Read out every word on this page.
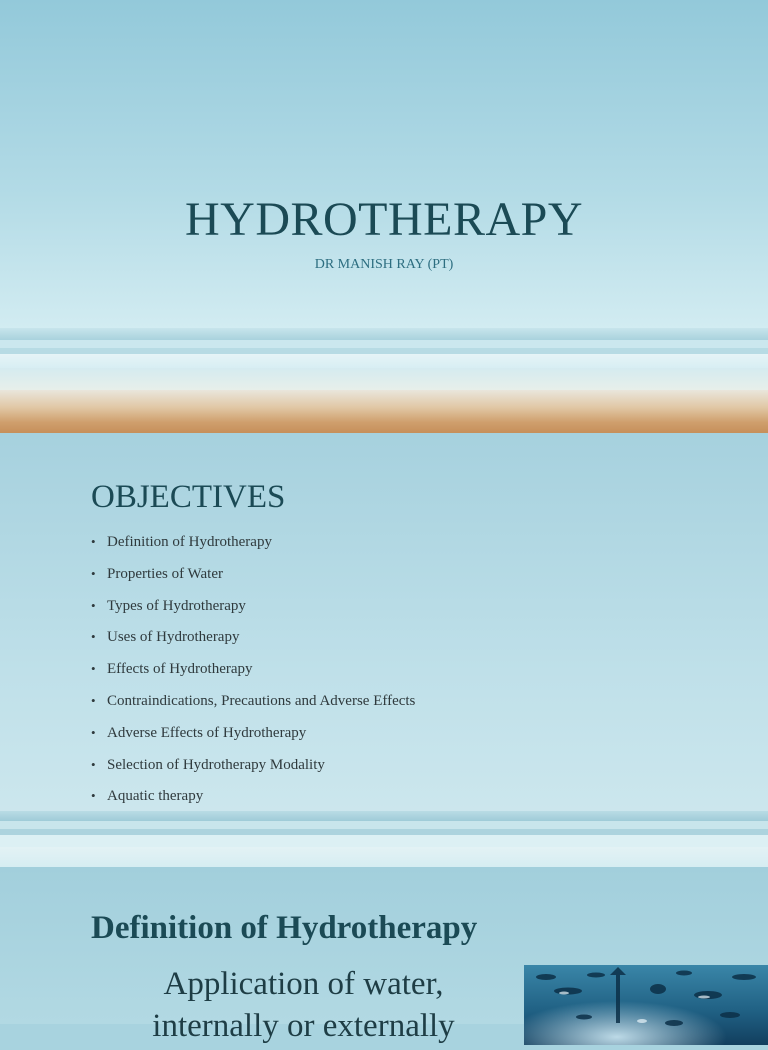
HYDROTHERAPY
DR MANISH RAY (PT)
OBJECTIVES
• Definition of Hydrotherapy
• Properties of Water
• Types of Hydrotherapy
• Uses of Hydrotherapy
• Effects of Hydrotherapy
• Contraindications, Precautions and Adverse Effects
• Adverse Effects of Hydrotherapy
• Selection of Hydrotherapy Modality
• Aquatic therapy
Definition of Hydrotherapy
Application of water,
internally or externally
